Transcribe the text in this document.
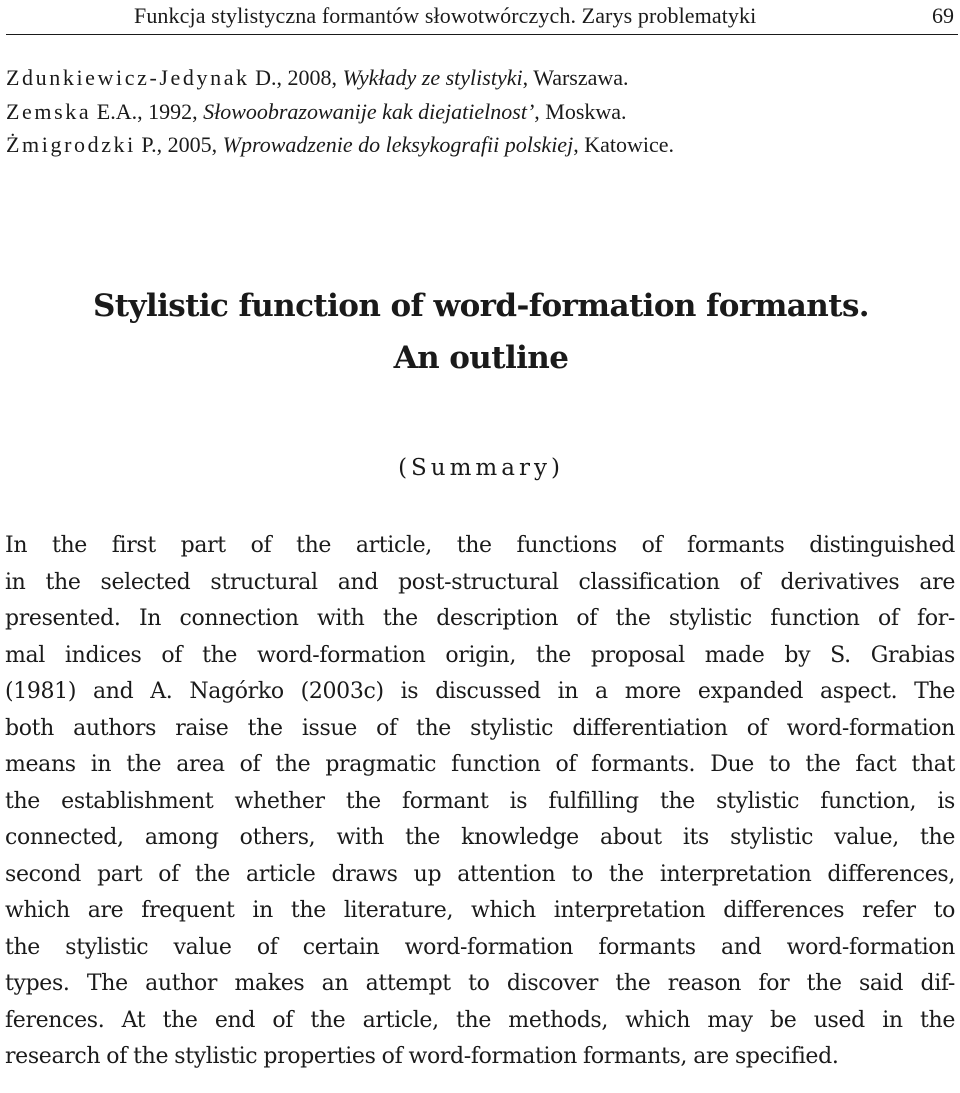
Funkcja stylistyczna formantów słowotwórczych. Zarys problematyki	69
Zdunkiewicz-Jedynak D., 2008, Wykłady ze stylistyki, Warszawa.
Zemska E.A., 1992, Słowoobrazowanije kak diejatielnost’, Moskwa.
Żmigrodzki P., 2005, Wprowadzenie do leksykografii polskiej, Katowice.
Stylistic function of word-formation formants.
An outline
(Summary)
In the first part of the article, the functions of formants distinguished
in the selected structural and post-structural classification of derivatives are
presented. In connection with the description of the stylistic function of for-
mal indices of the word-formation origin, the proposal made by S. Grabias
(1981) and A. Nagórko (2003c) is discussed in a more expanded aspect. The
both authors raise the issue of the stylistic differentiation of word-formation
means in the area of the pragmatic function of formants. Due to the fact that
the establishment whether the formant is fulfilling the stylistic function, is
connected, among others, with the knowledge about its stylistic value, the
second part of the article draws up attention to the interpretation differences,
which are frequent in the literature, which interpretation differences refer to
the stylistic value of certain word-formation formants and word-formation
types. The author makes an attempt to discover the reason for the said dif-
ferences. At the end of the article, the methods, which may be used in the
research of the stylistic properties of word-formation formants, are specified.
